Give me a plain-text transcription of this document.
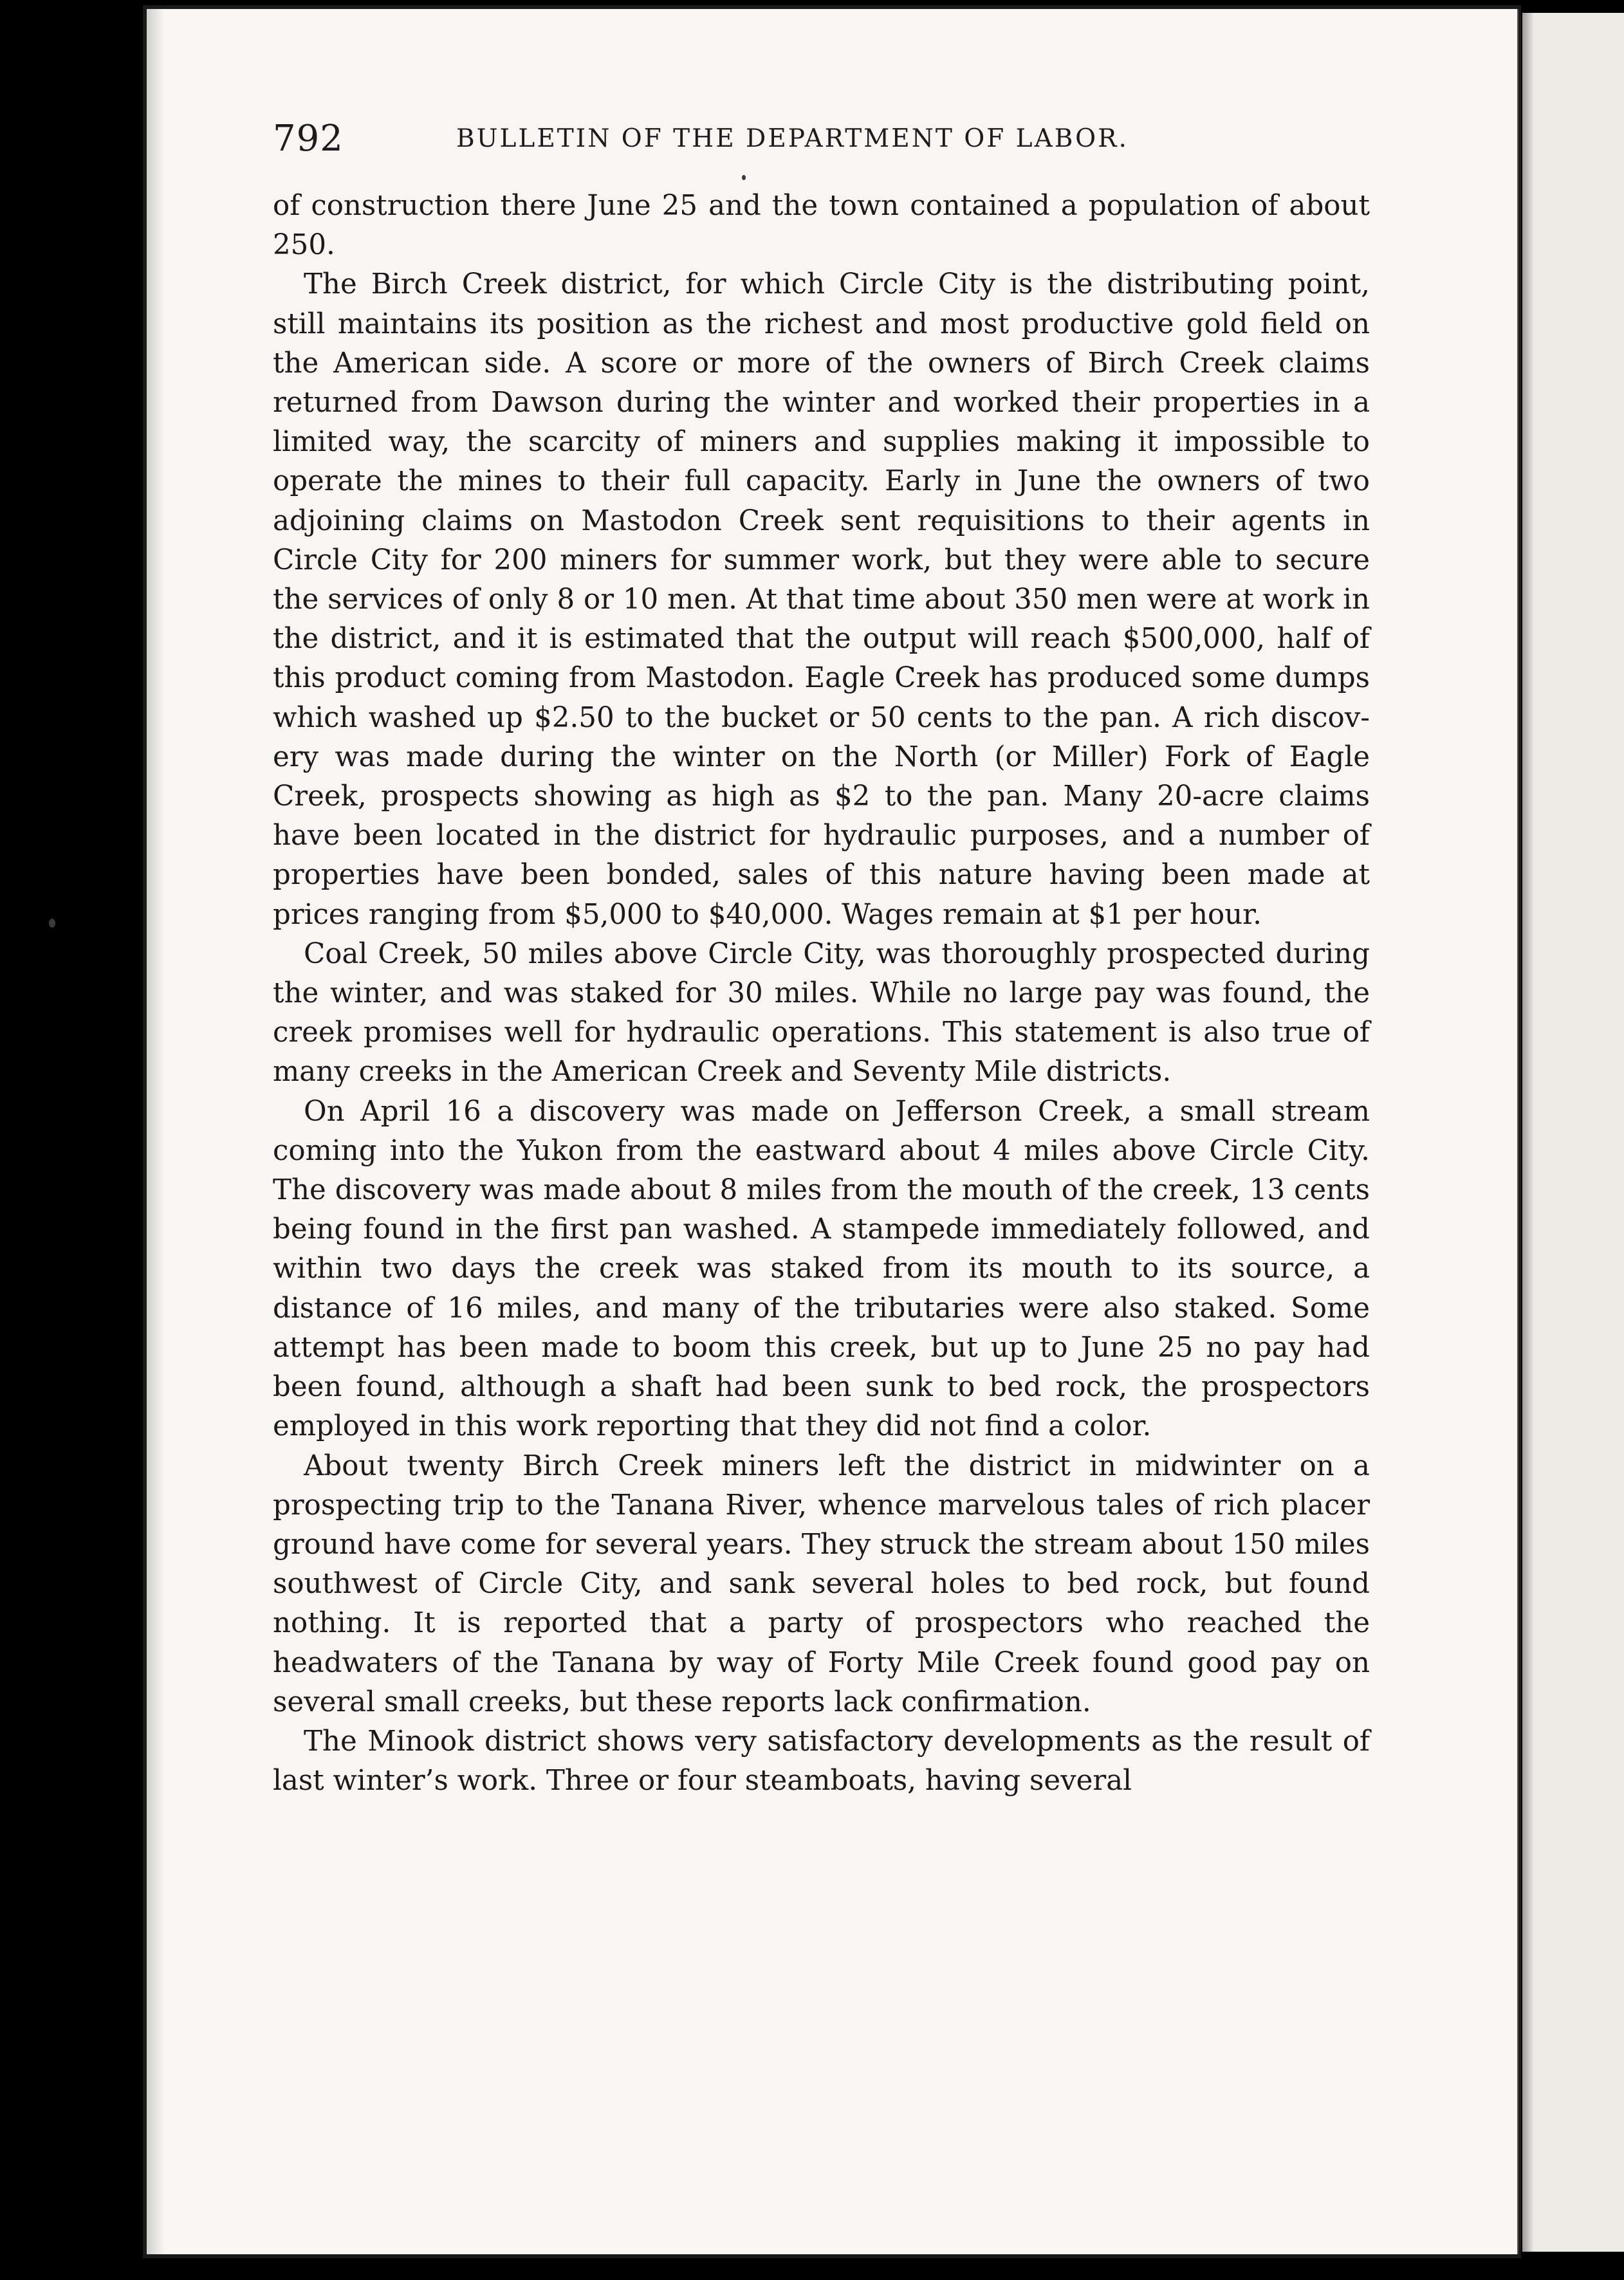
792	BULLETIN OF THE DEPARTMENT OF LABOR.

of construction there June 25 and the town contained a population of about 250.

The Birch Creek district, for which Circle City is the distributing point, still maintains its position as the richest and most productive gold field on the American side. A score or more of the owners of Birch Creek claims returned from Dawson during the winter and worked their properties in a limited way, the scarcity of miners and supplies making it impossible to operate the mines to their full capacity. Early in June the owners of two adjoining claims on Mastodon Creek sent requisitions to their agents in Circle City for 200 miners for summer work, but they were able to secure the services of only 8 or 10 men. At that time about 350 men were at work in the district, and it is estimated that the output will reach $500,000, half of this product coming from Mastodon. Eagle Creek has produced some dumps which washed up $2.50 to the bucket or 50 cents to the pan. A rich discovery was made during the winter on the North (or Miller) Fork of Eagle Creek, prospects showing as high as $2 to the pan. Many 20-acre claims have been located in the district for hydraulic purposes, and a number of properties have been bonded, sales of this nature having been made at prices ranging from $5,000 to $40,000. Wages remain at $1 per hour.

Coal Creek, 50 miles above Circle City, was thoroughly prospected during the winter, and was staked for 30 miles. While no large pay was found, the creek promises well for hydraulic operations. This statement is also true of many creeks in the American Creek and Seventy Mile districts.

On April 16 a discovery was made on Jefferson Creek, a small stream coming into the Yukon from the eastward about 4 miles above Circle City. The discovery was made about 8 miles from the mouth of the creek, 13 cents being found in the first pan washed. A stampede immediately followed, and within two days the creek was staked from its mouth to its source, a distance of 16 miles, and many of the tributaries were also staked. Some attempt has been made to boom this creek, but up to June 25 no pay had been found, although a shaft had been sunk to bed rock, the prospectors employed in this work reporting that they did not find a color.

About twenty Birch Creek miners left the district in midwinter on a prospecting trip to the Tanana River, whence marvelous tales of rich placer ground have come for several years. They struck the stream about 150 miles southwest of Circle City, and sank several holes to bed rock, but found nothing. It is reported that a party of prospectors who reached the headwaters of the Tanana by way of Forty Mile Creek found good pay on several small creeks, but these reports lack confirmation.

The Minook district shows very satisfactory developments as the result of last winter’s work. Three or four steamboats, having several
